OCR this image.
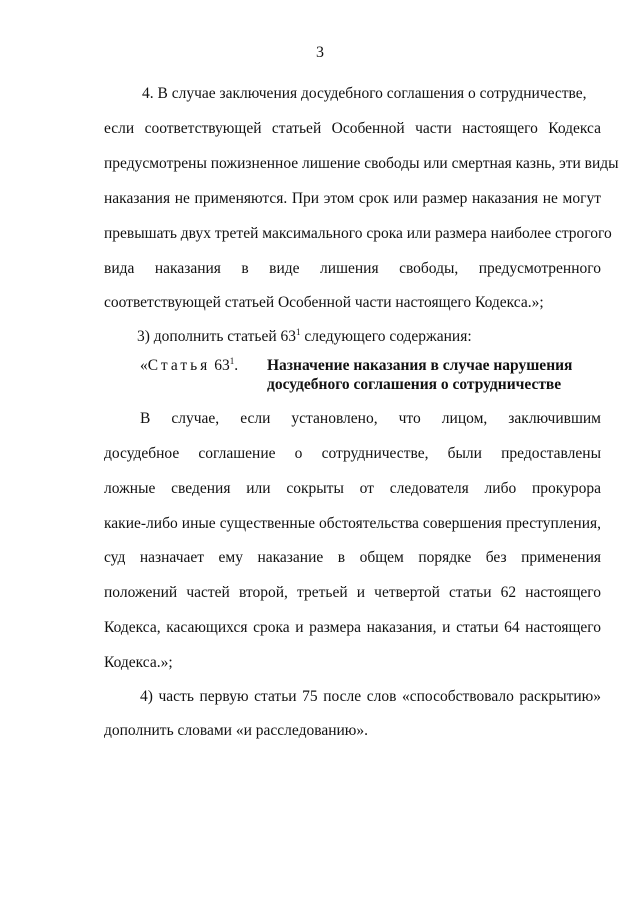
3
4. В случае заключения досудебного соглашения о сотрудничестве,
если соответствующей статьей Особенной части настоящего Кодекса
предусмотрены пожизненное лишение свободы или смертная казнь, эти виды
наказания не применяются. При этом срок или размер наказания не могут
превышать двух третей максимального срока или размера наиболее строгого
вида наказания в виде лишения свободы, предусмотренного
соответствующей статьей Особенной части настоящего Кодекса.»;
3) дополнить статьей $63^1$ следующего содержания:
«Статья $63^1$. Назначение наказания в случае нарушения
досудебного соглашения о сотрудничестве
В случае, если установлено, что лицом, заключившим
досудебное соглашение о сотрудничестве, были предоставлены
ложные сведения или сокрыты от следователя либо прокурора
какие-либо иные существенные обстоятельства совершения преступления,
суд назначает ему наказание в общем порядке без применения
положений частей второй, третьей и четвертой статьи 62 настоящего
Кодекса, касающихся срока и размера наказания, и статьи 64 настоящего
Кодекса.»;
4) часть первую статьи 75 после слов «способствовало раскрытию»
дополнить словами «и расследованию».
